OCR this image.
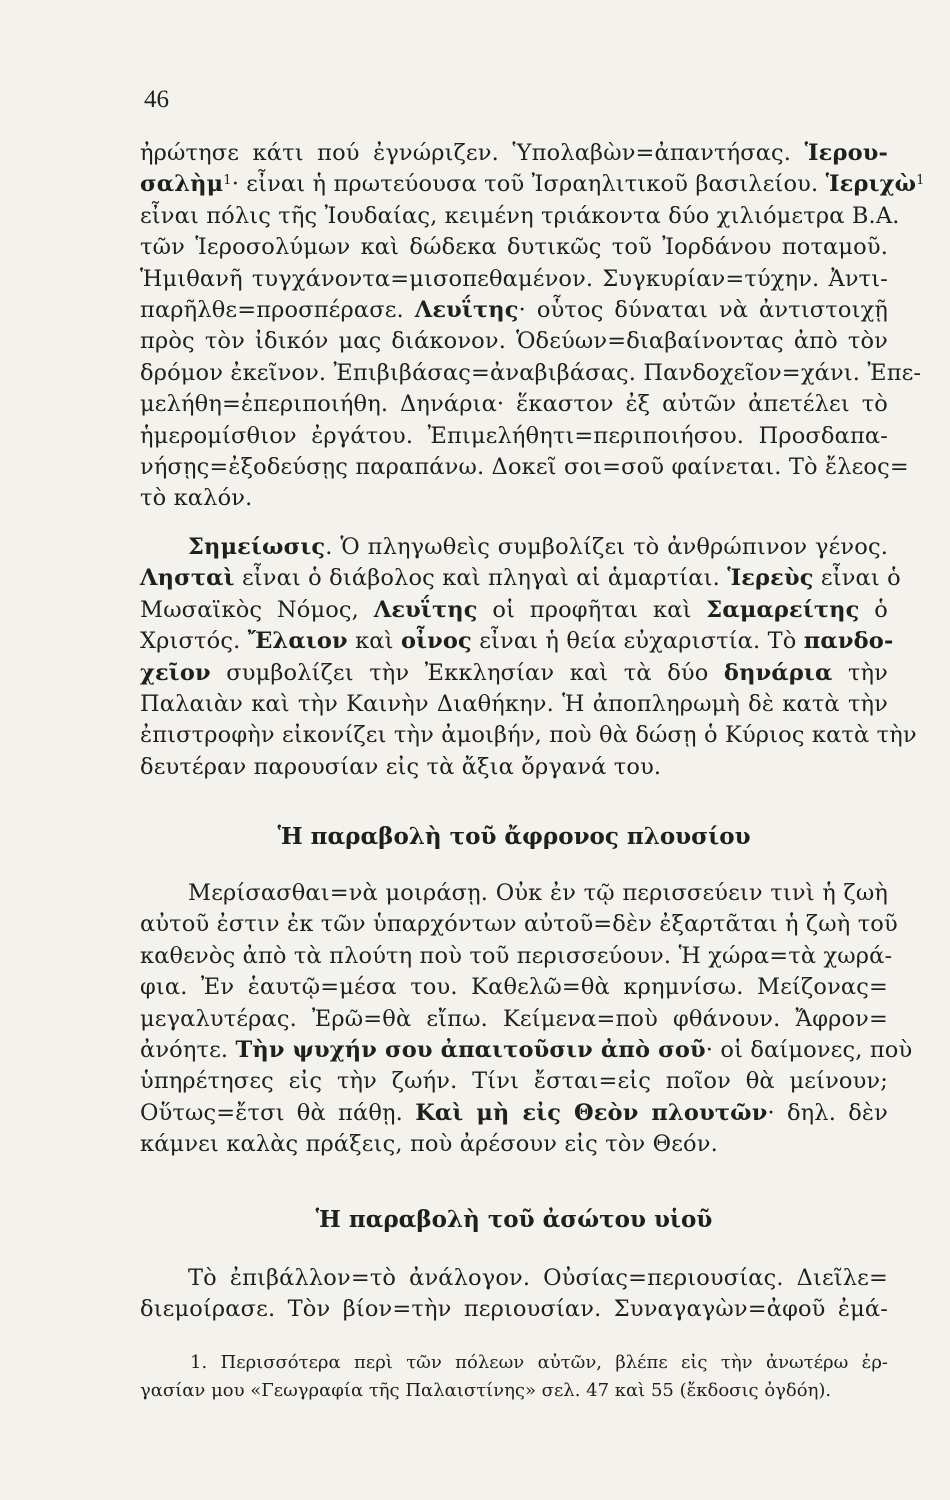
46
ἠρώτησε κάτι πού ἐγνώριζεν. Ὑπολαβὼν=ἀπαντήσας. Ἱερου-
σαλὴμ$^1$· εἶναι ἡ πρωτεύουσα τοῦ Ἰσραηλιτικοῦ βασιλείου. Ἱεριχὼ$^1$
εἶναι πόλις τῆς Ἰουδαίας, κειμένη τριάκοντα δύο χιλιόμετρα Β.Α.
τῶν Ἱεροσολύμων καὶ δώδεκα δυτικῶς τοῦ Ἰορδάνου ποταμοῦ.
Ἡμιθανῆ τυγχάνοντα=μισοπεθαμένον. Συγκυρίαν=τύχην. Ἀντι-
παρῆλθε=προσπέρασε. Λευΐτης· οὗτος δύναται νὰ ἀντιστοιχῇ
πρὸς τὸν ἰδικόν μας διάκονον. Ὁδεύων=διαβαίνοντας ἀπὸ τὸν
δρόμον ἐκεῖνον. Ἐπιβιβάσας=ἀναβιβάσας. Πανδοχεῖον=χάνι. Ἐπε-
μελήθη=ἐπεριποιήθη. Δηνάρια· ἕκαστον ἐξ αὐτῶν ἀπετέλει τὸ
ἡμερομίσθιον ἐργάτου. Ἐπιμελήθητι=περιποιήσου. Προσδαπα-
νήσῃς=ἐξοδεύσῃς παραπάνω. Δοκεῖ σοι=σοῦ φαίνεται. Τὸ ἔλεος=
τὸ καλόν.
Σημείωσις. Ὁ πληγωθεὶς συμβολίζει τὸ ἀνθρώπινον γένος.
Λησταὶ εἶναι ὁ διάβολος καὶ πληγαὶ αἱ ἁμαρτίαι. Ἱερεὺς εἶναι ὁ
Μωσαϊκὸς Νόμος, Λευΐτης οἱ προφῆται καὶ Σαμαρείτης ὁ
Χριστός. Ἔλαιον καὶ οἶνος εἶναι ἡ θεία εὐχαριστία. Τὸ πανδο-
χεῖον συμβολίζει τὴν Ἐκκλησίαν καὶ τὰ δύο δηνάρια τὴν
Παλαιὰν καὶ τὴν Καινὴν Διαθήκην. Ἡ ἀποπληρωμὴ δὲ κατὰ τὴν
ἐπιστροφὴν εἰκονίζει τὴν ἀμοιβήν, ποὺ θὰ δώσῃ ὁ Κύριος κατὰ τὴν
δευτέραν παρουσίαν εἰς τὰ ἄξια ὄργανά του.
Ἡ παραβολὴ τοῦ ἄφρονος πλουσίου
Μερίσασθαι=νὰ μοιράσῃ. Οὐκ ἐν τῷ περισσεύειν τινὶ ἡ ζωὴ
αὐτοῦ ἐστιν ἐκ τῶν ὑπαρχόντων αὐτοῦ=δὲν ἐξαρτᾶται ἡ ζωὴ τοῦ
καθενὸς ἀπὸ τὰ πλούτη ποὺ τοῦ περισσεύουν. Ἡ χώρα=τὰ χωρά-
φια. Ἐν ἑαυτῷ=μέσα του. Καθελῶ=θὰ κρημνίσω. Μείζονας=
μεγαλυτέρας. Ἐρῶ=θὰ εἴπω. Κείμενα=ποὺ φθάνουν. Ἄφρον=
ἀνόητε. Τὴν ψυχήν σου ἀπαιτοῦσιν ἀπὸ σοῦ· οἱ δαίμονες, ποὺ
ὑπηρέτησες εἰς τὴν ζωήν. Τίνι ἔσται=εἰς ποῖον θὰ μείνουν;
Οὕτως=ἔτσι θὰ πάθῃ. Καὶ μὴ εἰς Θεὸν πλουτῶν· δηλ. δὲν
κάμνει καλὰς πράξεις, ποὺ ἀρέσουν εἰς τὸν Θεόν.
Ἡ παραβολὴ τοῦ ἀσώτου υἱοῦ
Τὸ ἐπιβάλλον=τὸ ἀνάλογον. Οὐσίας=περιουσίας. Διεῖλε=
διεμοίρασε. Τὸν βίον=τὴν περιουσίαν. Συναγαγὼν=ἀφοῦ ἐμά-
1. Περισσότερα περὶ τῶν πόλεων αὐτῶν, βλέπε εἰς τὴν ἀνωτέρω ἐρ-
γασίαν μου «Γεωγραφία τῆς Παλαιστίνης» σελ. 47 καὶ 55 (ἔκδοσις ὀγδόη).
